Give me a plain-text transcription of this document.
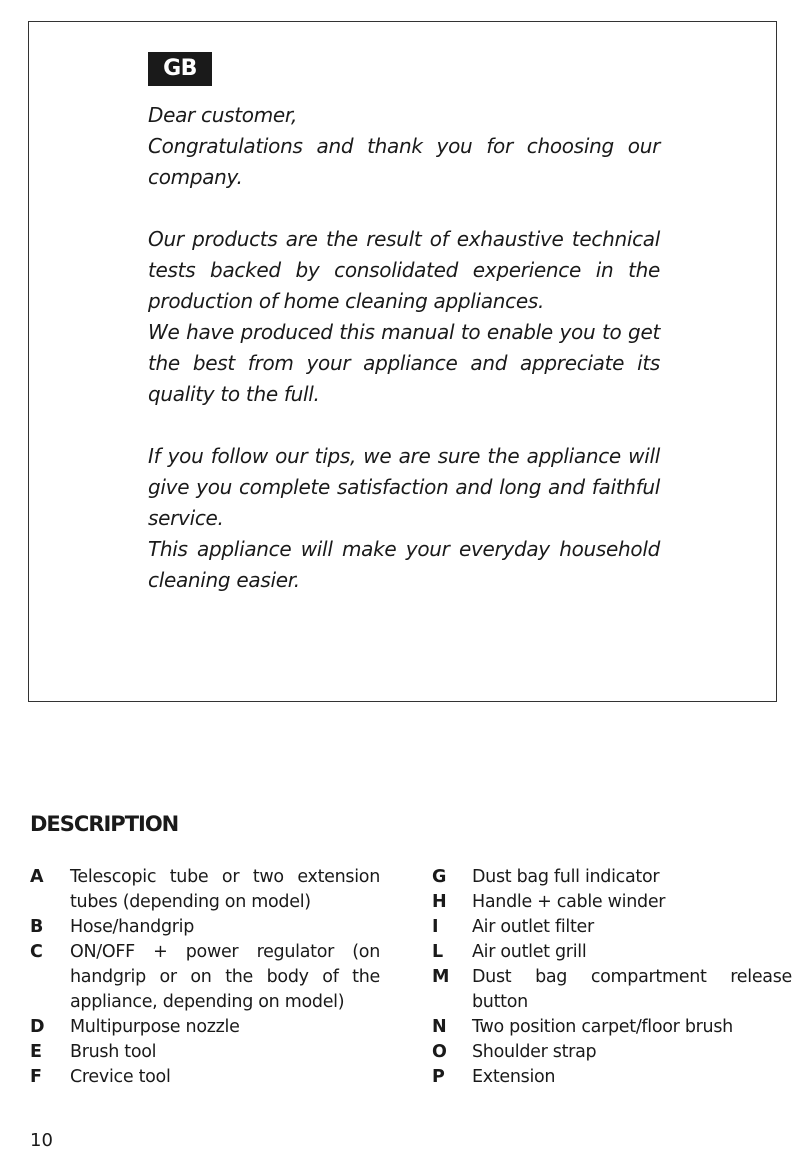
GB

Dear customer,

Congratulations and thank you for choosing our company.

Our products are the result of exhaustive technical tests backed by consolidated experience in the production of home cleaning appliances.

We have produced this manual to enable you to get the best from your appliance and appreciate its quality to the full.

If you follow our tips, we are sure the appliance will give you complete satisfaction and long and faithful service.

This appliance will make your everyday household cleaning easier.

DESCRIPTION
A	Telescopic tube or two extension tubes (depending on model)
B	Hose/handgrip
C	ON/OFF + power regulator (on handgrip or on the body of the appliance, depending on model)
D	Multipurpose nozzle
E	Brush tool
F	Crevice tool
G	Dust bag full indicator
H	Handle + cable winder
I	Air outlet filter
L	Air outlet grill
M	Dust bag compartment release button
N	Two position carpet/floor brush
O	Shoulder strap
P	Extension
10
